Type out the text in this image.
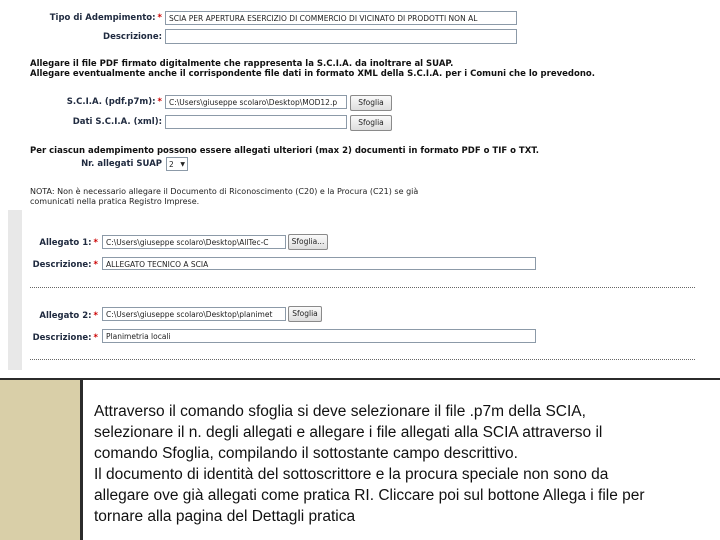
Tipo di Adempimento: * SCIA PER APERTURA ESERCIZIO DI COMMERCIO DI VICINATO DI PRODOTTI NON AL
Descrizione:
Allegare il file PDF firmato digitalmente che rappresenta la S.C.I.A. da inoltrare al SUAP.
Allegare eventualmente anche il corrispondente file dati in formato XML della S.C.I.A. per i Comuni che lo prevedono.
S.C.I.A. (pdf.p7m): * C:\Users\giuseppe scolaro\Desktop\MOD12.p	Sfoglia
Dati S.C.I.A. (xml):	Sfoglia
Per ciascun adempimento possono essere allegati ulteriori (max 2) documenti in formato PDF o TIF o TXT.
Nr. allegati SUAP 2 ▼
NOTA: Non è necessario allegare il Documento di Riconoscimento (C20) e la Procura (C21) se già
comunicati nella pratica Registro Imprese.
Allegato 1: *	C:\Users\giuseppe scolaro\Desktop\AllTec-C	Sfoglia...
Descrizione: *	ALLEGATO TECNICO A SCIA
Allegato 2: *	C:\Users\giuseppe scolaro\Desktop\planimet	Sfoglia
Descrizione: *	Planimetria locali
Attraverso il comando sfoglia si deve selezionare il file .p7m della SCIA,
selezionare il n. degli allegati e allegare i file allegati alla SCIA attraverso il
comando Sfoglia, compilando il sottostante campo descrittivo.
Il documento di identità del sottoscrittore e la procura speciale non sono da
allegare ove già allegati come pratica RI. Cliccare poi sul bottone Allega i file per
tornare alla pagina del Dettagli pratica
